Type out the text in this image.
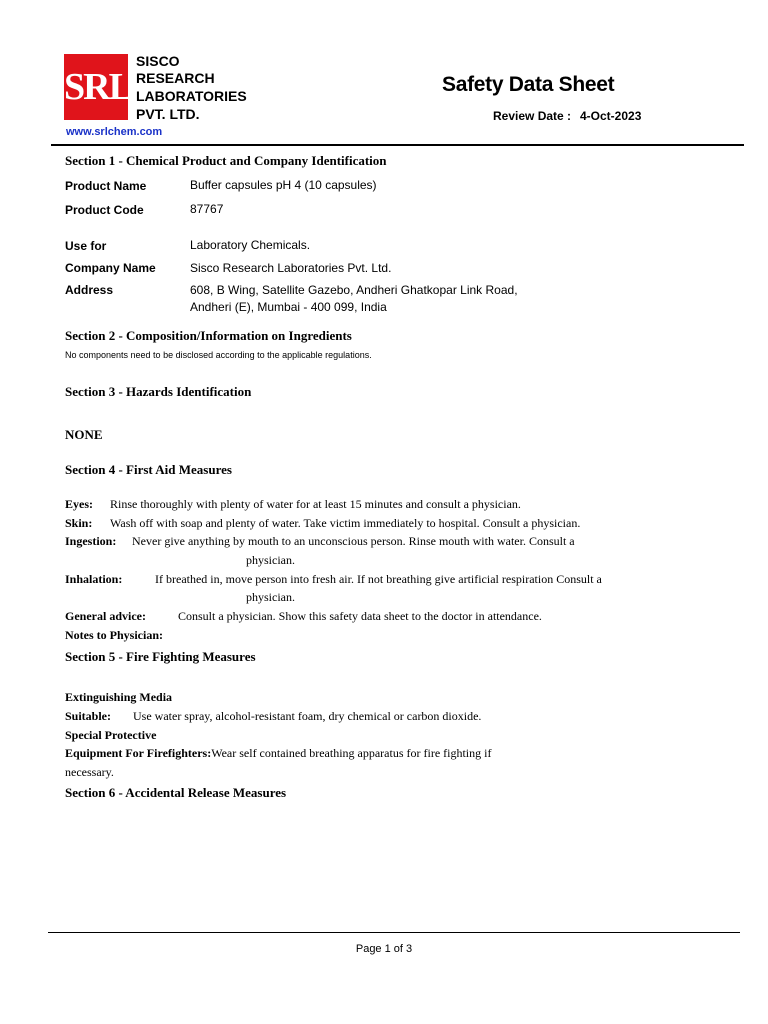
SRL
SISCO
RESEARCH
LABORATORIES
PVT. LTD.
www.srlchem.com
Safety Data Sheet
Review Date : 4-Oct-2023
Section 1 - Chemical Product and Company Identification
Product Name	Buffer capsules pH 4 (10 capsules)
Product Code	87767
Use for	Laboratory Chemicals.
Company Name	Sisco Research Laboratories Pvt. Ltd.
Address	608, B Wing, Satellite Gazebo, Andheri Ghatkopar Link Road,
Andheri (E), Mumbai - 400 099, India
Section 2 - Composition/Information on Ingredients
No components need to be disclosed according to the applicable regulations.
Section 3 - Hazards Identification
NONE
Section 4 - First Aid Measures
Eyes: Rinse thoroughly with plenty of water for at least 15 minutes and consult a physician.
Skin: Wash off with soap and plenty of water. Take victim immediately to hospital. Consult a physician.
Ingestion: Never give anything by mouth to an unconscious person. Rinse mouth with water. Consult a
physician.
Inhalation:	If breathed in, move person into fresh air. If not breathing give artificial respiration Consult a
physician.
General advice:	Consult a physician. Show this safety data sheet to the doctor in attendance.
Notes to Physician:
Section 5 - Fire Fighting Measures
Extinguishing Media
Suitable: Use water spray, alcohol-resistant foam, dry chemical or carbon dioxide.
Special Protective
Equipment For Firefighters:Wear self contained breathing apparatus for fire fighting if
necessary.
Section 6 - Accidental Release Measures
Page 1 of 3
